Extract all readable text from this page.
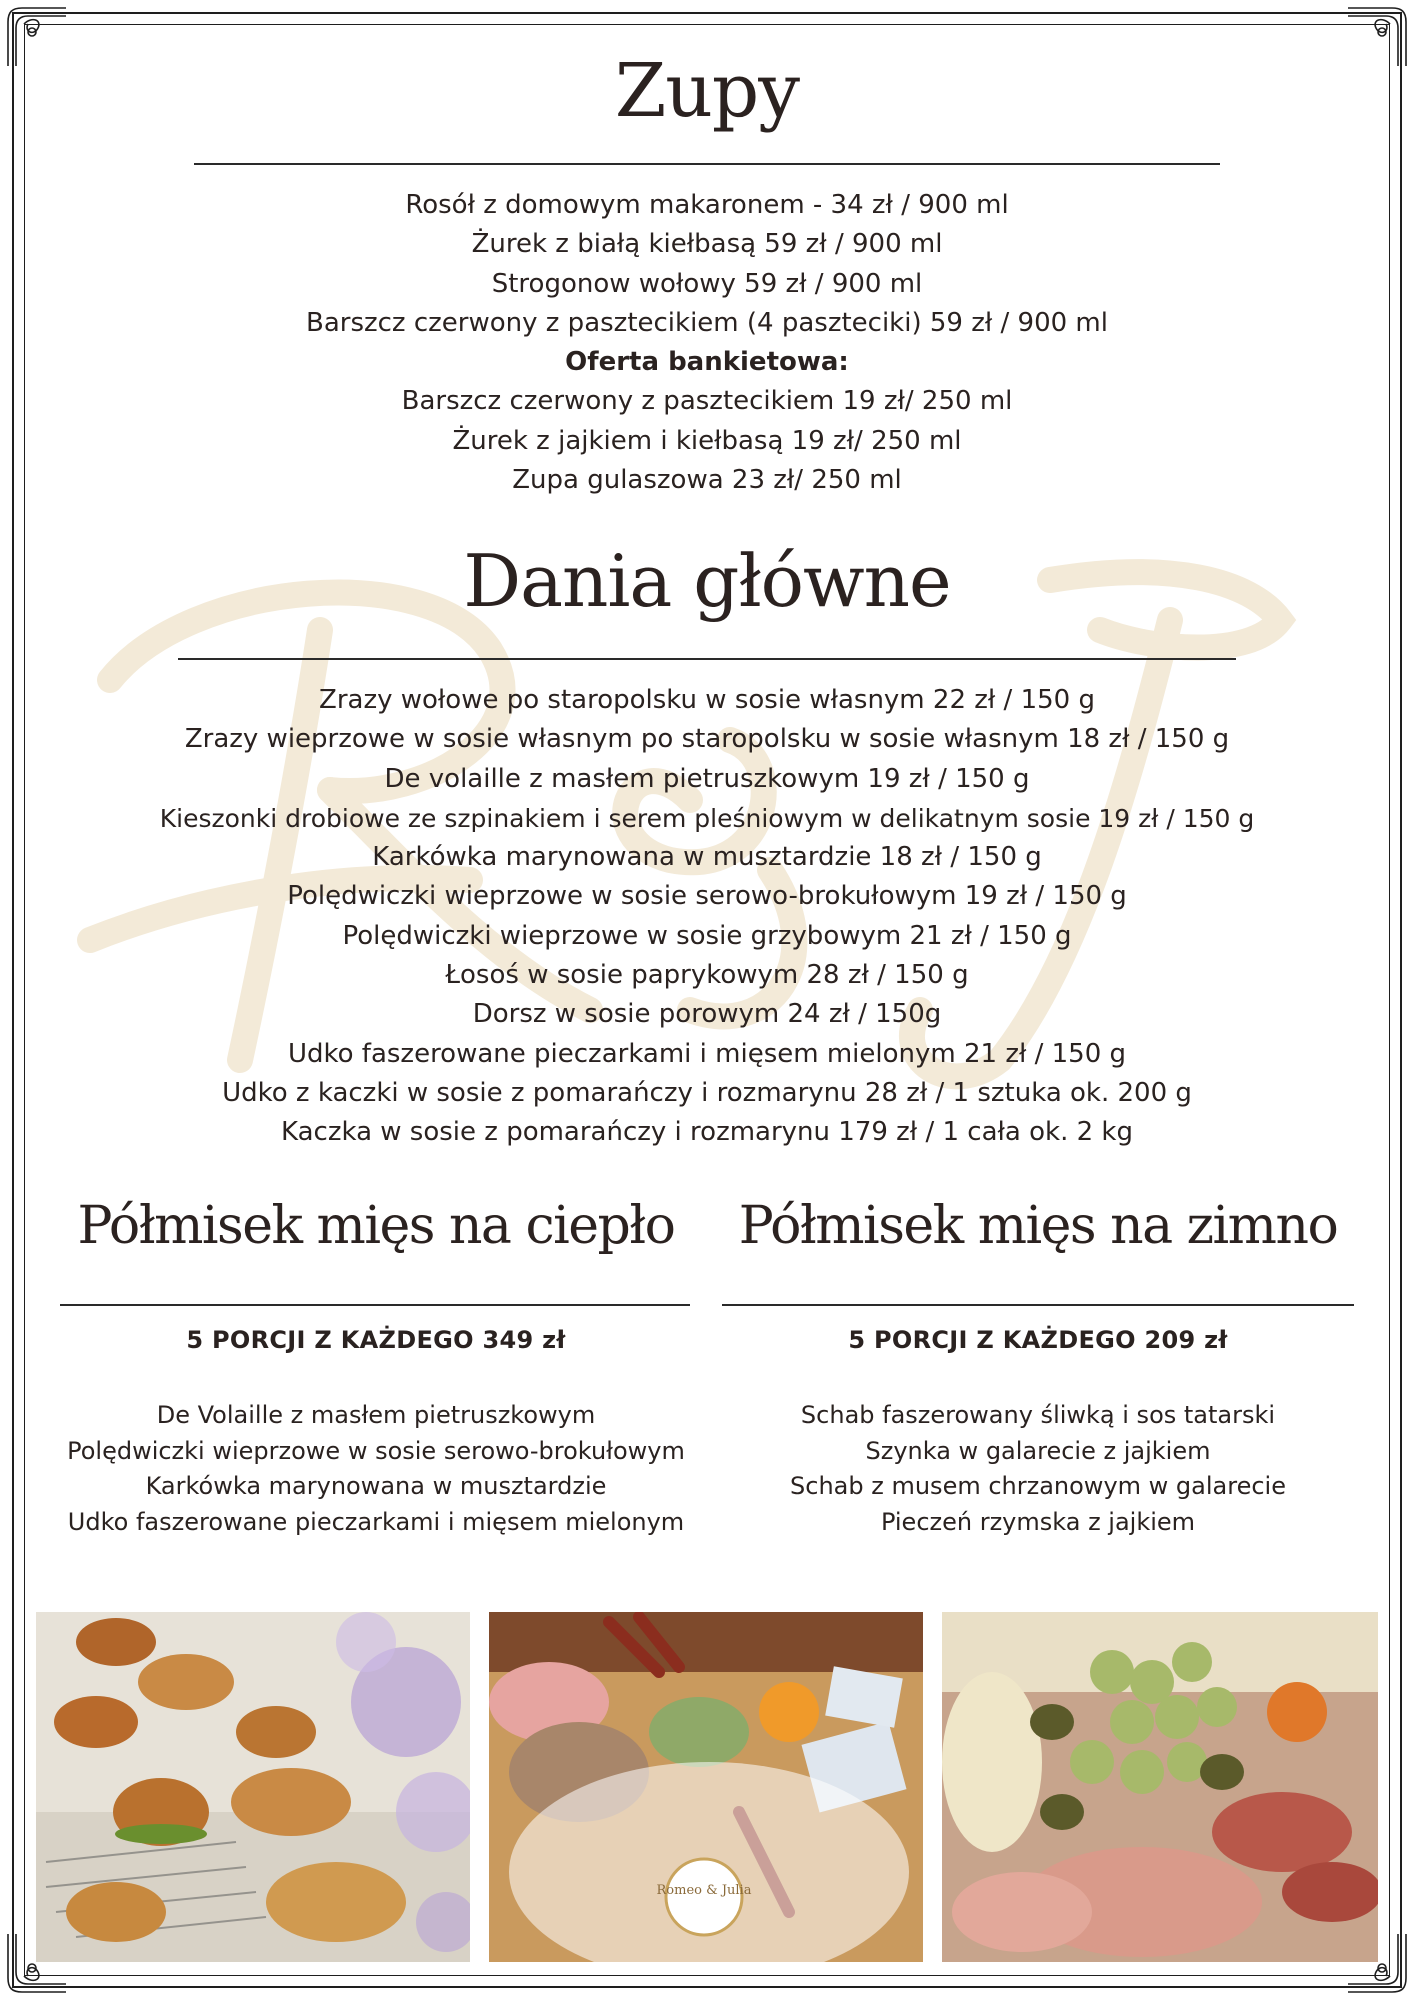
Zupy
Rosół z domowym makaronem - 34 zł / 900 ml
Żurek z białą kiełbasą 59 zł / 900 ml
Strogonow wołowy 59 zł / 900 ml
Barszcz czerwony z pasztecikiem (4 paszteciki) 59 zł / 900 ml
Oferta bankietowa:
Barszcz czerwony z pasztecikiem 19 zł/ 250 ml
Żurek z jajkiem i kiełbasą 19 zł/ 250 ml
Zupa gulaszowa 23 zł/ 250 ml
Dania główne
Zrazy wołowe po staropolsku w sosie własnym 22 zł / 150 g
Zrazy wieprzowe w sosie własnym po staropolsku w sosie własnym 18 zł / 150 g
De volaille z masłem pietruszkowym 19 zł / 150 g
Kieszonki drobiowe ze szpinakiem i serem pleśniowym w delikatnym sosie 19 zł / 150 g
Karkówka marynowana w musztardzie 18 zł / 150 g
Polędwiczki wieprzowe w sosie serowo-brokułowym 19 zł / 150 g
Polędwiczki wieprzowe w sosie grzybowym 21 zł / 150 g
Łosoś w sosie paprykowym 28 zł / 150 g
Dorsz w sosie porowym 24 zł / 150g
Udko faszerowane pieczarkami i mięsem mielonym 21 zł / 150 g
Udko z kaczki w sosie z pomarańczy i rozmarynu 28 zł / 1 sztuka ok. 200 g
Kaczka w sosie z pomarańczy i rozmarynu 179 zł / 1 cała ok. 2 kg
Półmisek mięs na ciepło
5 PORCJI Z KAŻDEGO 349 zł
De Volaille z masłem pietruszkowym
Polędwiczki wieprzowe w sosie serowo-brokułowym
Karkówka marynowana w musztardzie
Udko faszerowane pieczarkami i mięsem mielonym
Półmisek mięs na zimno
5 PORCJI Z KAŻDEGO 209 zł
Schab faszerowany śliwką i sos tatarski
Szynka w galarecie z jajkiem
Schab z musem chrzanowym w galarecie
Pieczeń rzymska z jajkiem
Romeo & Julia
